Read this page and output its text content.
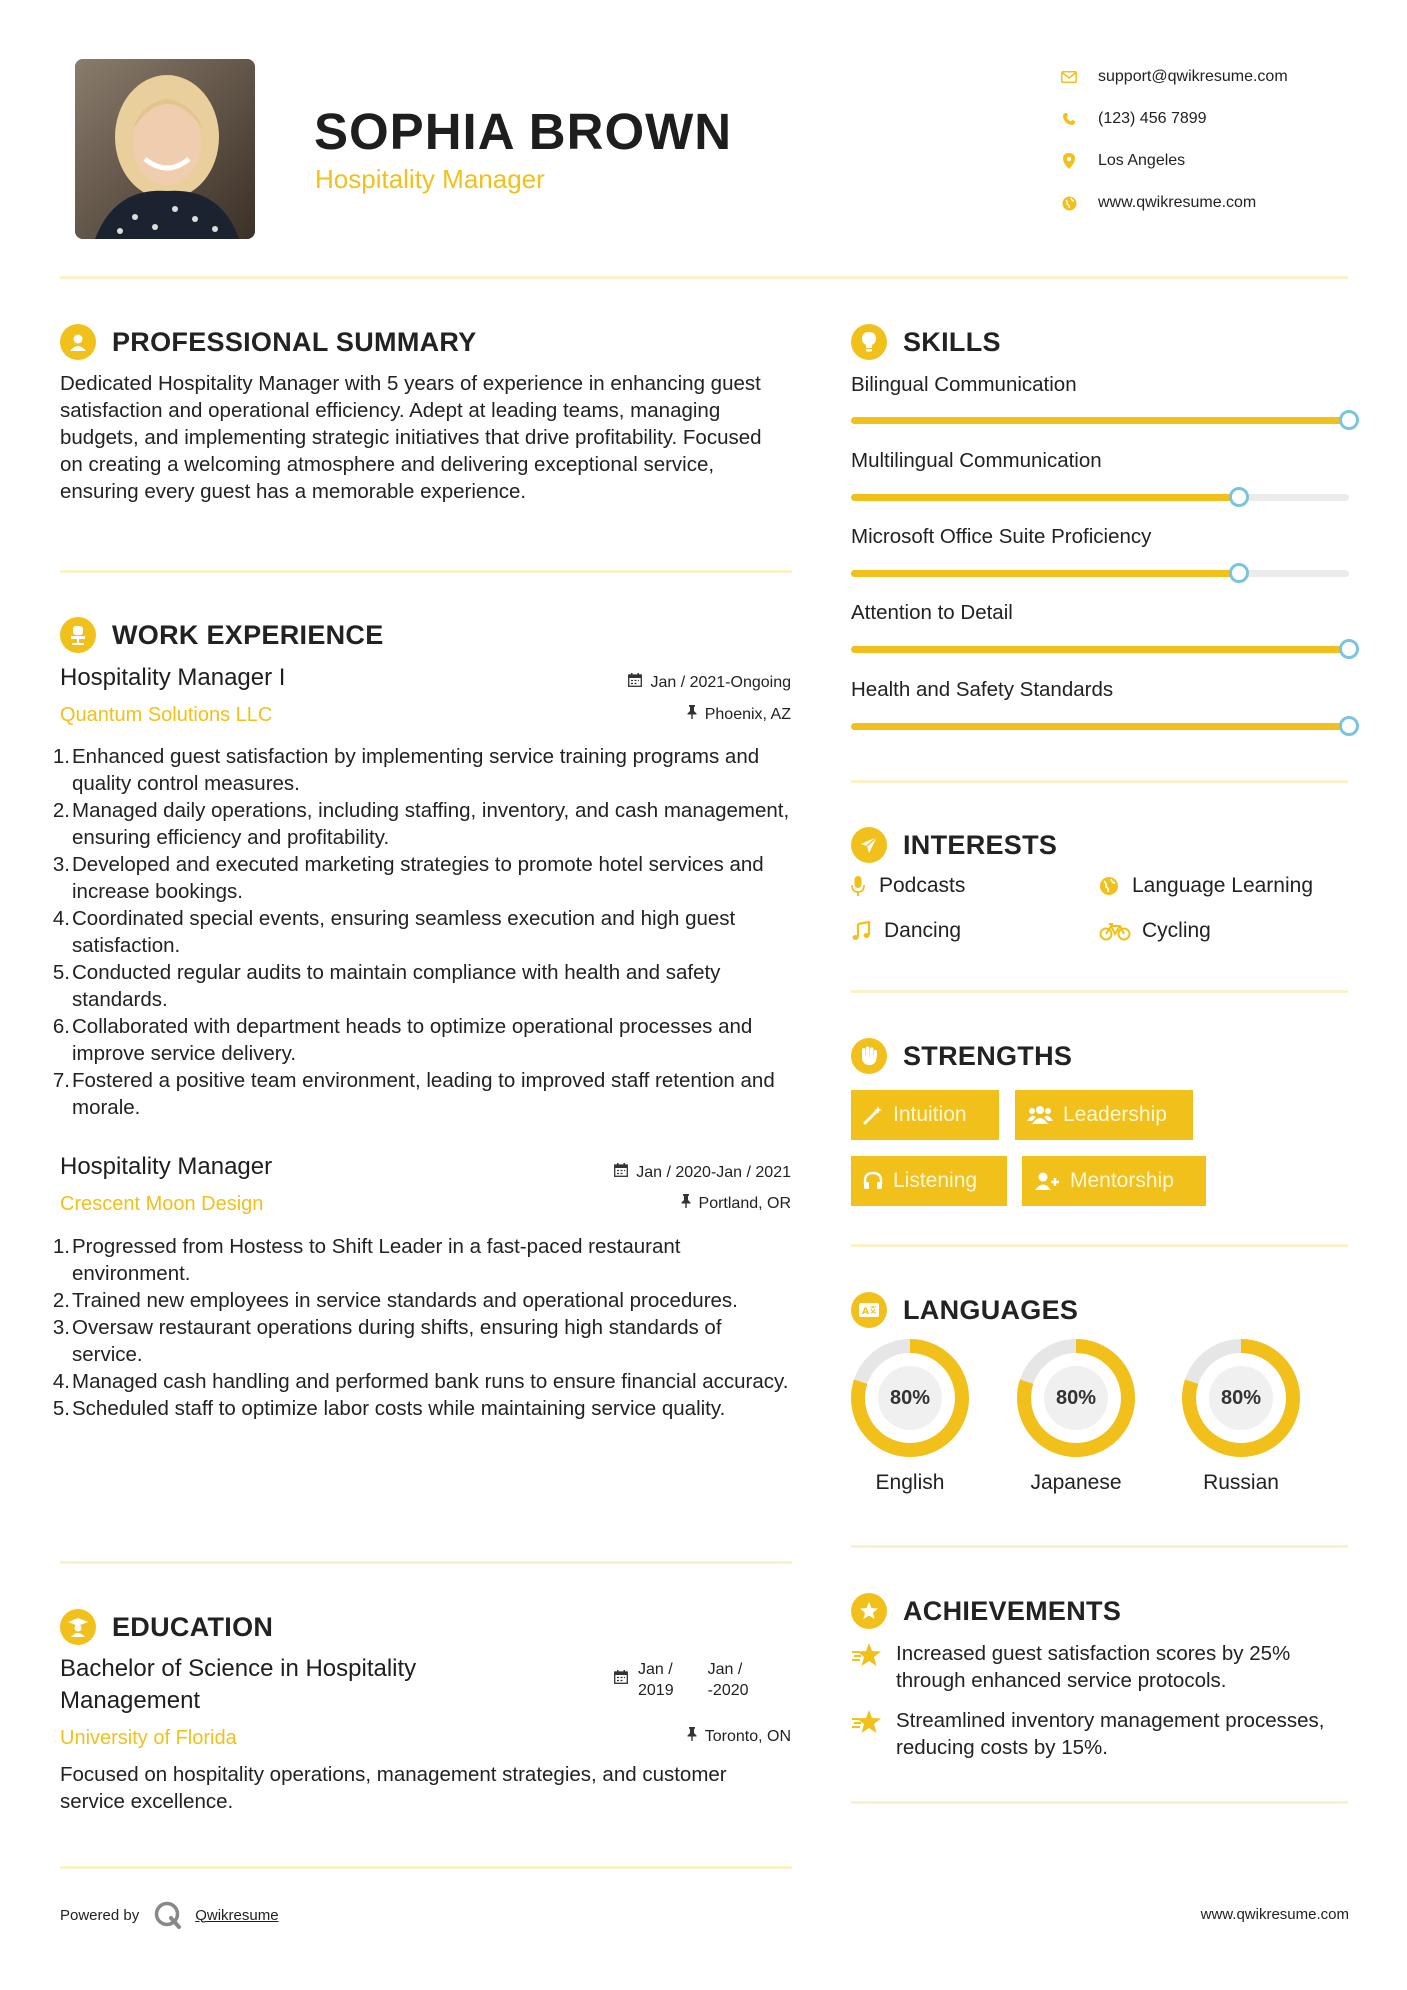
SOPHIA BROWN
Hospitality Manager
support@qwikresume.com
(123) 456 7899
Los Angeles
www.qwikresume.com
PROFESSIONAL SUMMARY
Dedicated Hospitality Manager with 5 years of experience in enhancing guest satisfaction and operational efficiency. Adept at leading teams, managing budgets, and implementing strategic initiatives that drive profitability. Focused on creating a welcoming atmosphere and delivering exceptional service, ensuring every guest has a memorable experience.
WORK EXPERIENCE
Hospitality Manager I
Quantum Solutions LLC
Jan / 2021-Ongoing
Phoenix, AZ
1. Enhanced guest satisfaction by implementing service training programs and quality control measures.
2. Managed daily operations, including staffing, inventory, and cash management, ensuring efficiency and profitability.
3. Developed and executed marketing strategies to promote hotel services and increase bookings.
4. Coordinated special events, ensuring seamless execution and high guest satisfaction.
5. Conducted regular audits to maintain compliance with health and safety standards.
6. Collaborated with department heads to optimize operational processes and improve service delivery.
7. Fostered a positive team environment, leading to improved staff retention and morale.
Hospitality Manager
Crescent Moon Design
Jan / 2020-Jan / 2021
Portland, OR
1. Progressed from Hostess to Shift Leader in a fast-paced restaurant environment.
2. Trained new employees in service standards and operational procedures.
3. Oversaw restaurant operations during shifts, ensuring high standards of service.
4. Managed cash handling and performed bank runs to ensure financial accuracy.
5. Scheduled staff to optimize labor costs while maintaining service quality.
EDUCATION
Bachelor of Science in Hospitality
Management
University of Florida
Jan /
2019
Jan /
-2020
Toronto, ON
Focused on hospitality operations, management strategies, and customer service excellence.
SKILLS
Bilingual Communication
Multilingual Communication
Microsoft Office Suite Proficiency
Attention to Detail
Health and Safety Standards
INTERESTS
Podcasts	Language Learning
Dancing	Cycling
STRENGTHS
Intuition	Leadership
Listening	Mentorship
A LANGUAGES
80%
English
80%
Japanese
80%
Russian
ACHIEVEMENTS
Increased guest satisfaction scores by 25% through enhanced service protocols.
Streamlined inventory management processes, reducing costs by 15%.
Powered by	Qwikresume	www.qwikresume.com
